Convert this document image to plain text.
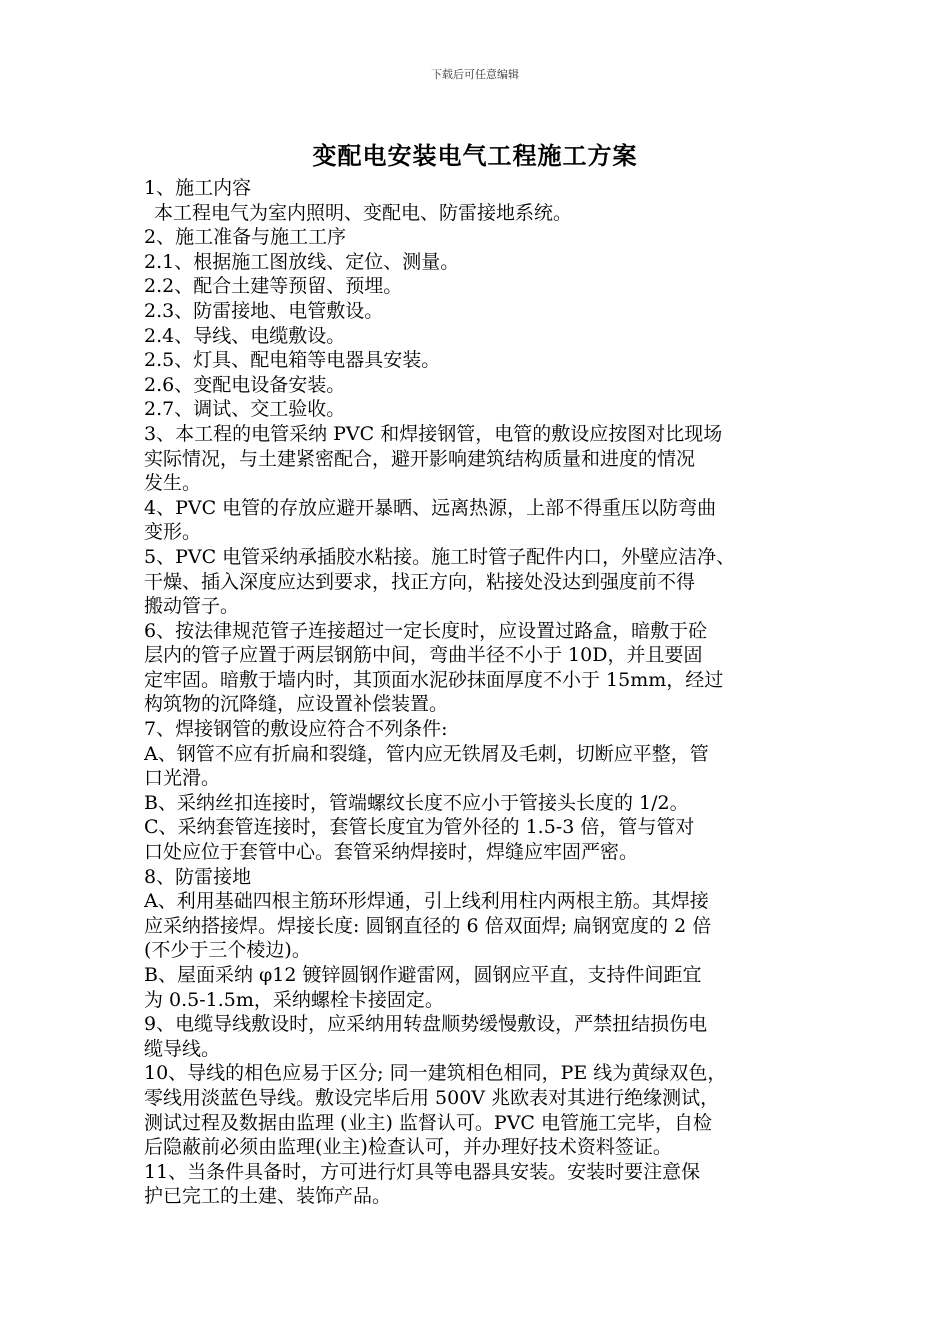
下载后可任意编辑
变配电安装电气工程施工方案
1、施工内容
本工程电气为室内照明、变配电、防雷接地系统。
2、施工准备与施工工序
2.1、根据施工图放线、定位、测量。
2.2、配合土建等预留、预埋。
2.3、防雷接地、电管敷设。
2.4、导线、电缆敷设。
2.5、灯具、配电箱等电器具安装。
2.6、变配电设备安装。
2.7、调试、交工验收。
3、本工程的电管采纳 PVC 和焊接钢管，电管的敷设应按图对比现场
实际情况，与土建紧密配合，避开影响建筑结构质量和进度的情况
发生。
4、PVC 电管的存放应避开暴晒、远离热源，上部不得重压以防弯曲
变形。
5、PVC 电管采纳承插胶水粘接。施工时管子配件内口，外壁应洁净、
干燥、插入深度应达到要求，找正方向，粘接处没达到强度前不得
搬动管子。
6、按法律规范管子连接超过一定长度时，应设置过路盒，暗敷于砼
层内的管子应置于两层钢筋中间，弯曲半径不小于 10D，并且要固
定牢固。暗敷于墙内时，其顶面水泥砂抹面厚度不小于 15mm，经过
构筑物的沉降缝，应设置补偿装置。
7、焊接钢管的敷设应符合不列条件:
A、钢管不应有折扁和裂缝，管内应无铁屑及毛刺，切断应平整，管
口光滑。
B、采纳丝扣连接时，管端螺纹长度不应小于管接头长度的 1/2。
C、采纳套管连接时，套管长度宜为管外径的 1.5-3 倍，管与管对
口处应位于套管中心。套管采纳焊接时，焊缝应牢固严密。
8、防雷接地
A、利用基础四根主筋环形焊通，引上线利用柱内两根主筋。其焊接
应采纳搭接焊。焊接长度: 圆钢直径的 6 倍双面焊; 扁钢宽度的 2 倍
(不少于三个棱边)。
B、屋面采纳 φ12 镀锌圆钢作避雷网，圆钢应平直，支持件间距宜
为 0.5-1.5m，采纳螺栓卡接固定。
9、电缆导线敷设时，应采纳用转盘顺势缓慢敷设，严禁扭结损伤电
缆导线。
10、导线的相色应易于区分; 同一建筑相色相同，PE 线为黄绿双色，
零线用淡蓝色导线。敷设完毕后用 500V 兆欧表对其进行绝缘测试，
测试过程及数据由监理 (业主) 监督认可。PVC 电管施工完毕，自检
后隐蔽前必须由监理(业主)检查认可，并办理好技术资料签证。
11、当条件具备时，方可进行灯具等电器具安装。安装时要注意保
护已完工的土建、装饰产品。
